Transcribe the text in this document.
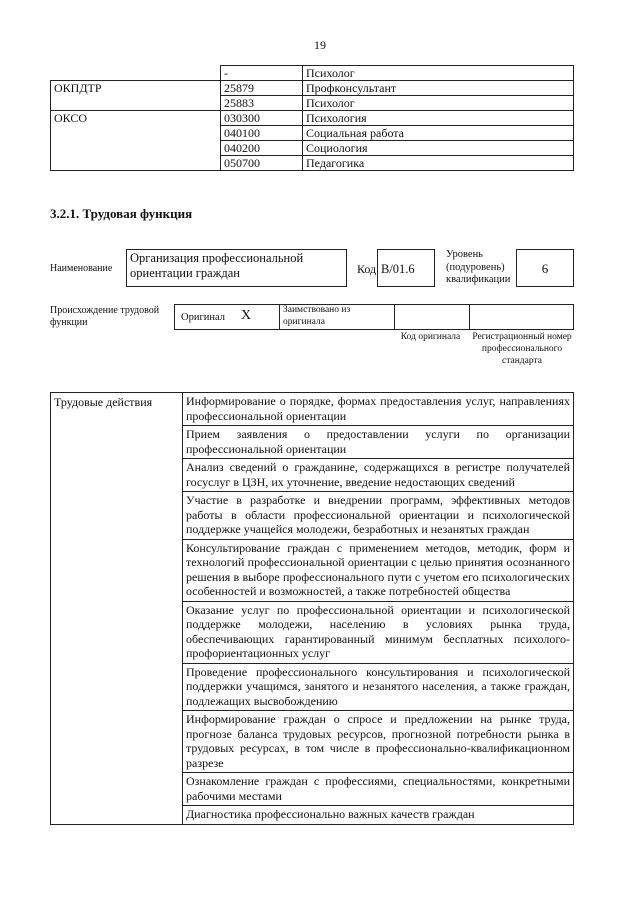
19
	-	Психолог
ОКПДТР	25879	Профконсультант
	25883	Психолог
ОКСО	030300	Психология
	040100	Социальная работа
	040200	Социология
	050700	Педагогика
3.2.1. Трудовая функция
Наименование
Организация профессиональной ориентации граждан	Код B/01.6
Уровень (подуровень) квалификации
6
Происхождение трудовой функции	Оригинал X	Заимствовано из оригинала
Код оригинала	Регистрационный номер профессионального стандарта
Трудовые действия	Информирование о порядке, формах предоставления услуг, направлениях профессиональной ориентации
Прием заявления о предоставлении услуги по организации профессиональной ориентации
Анализ сведений о гражданине, содержащихся в регистре получателей госуслуг в ЦЗН, их уточнение, введение недостающих сведений
Участие в разработке и внедрении программ, эффективных методов работы в области профессиональной ориентации и психологической поддержке учащейся молодежи, безработных и незанятых граждан
Консультирование граждан с применением методов, методик, форм и технологий профессиональной ориентации с целью принятия осознанного решения в выборе профессионального пути с учетом его психологических особенностей и возможностей, а также потребностей общества
Оказание услуг по профессиональной ориентации и психологической поддержке молодежи, населению в условиях рынка труда, обеспечивающих гарантированный минимум бесплатных психолого-профориентационных услуг
Проведение профессионального консультирования и психологической поддержки учащимся, занятого и незанятого населения, а также граждан, подлежащих высвобождению
Информирование граждан о спросе и предложении на рынке труда, прогнозе баланса трудовых ресурсов, прогнозной потребности рынка в трудовых ресурсах, в том числе в профессионально-квалификационном разрезе
Ознакомление граждан с профессиями, специальностями, конкретными рабочими местами
Диагностика профессионально важных качеств граждан
